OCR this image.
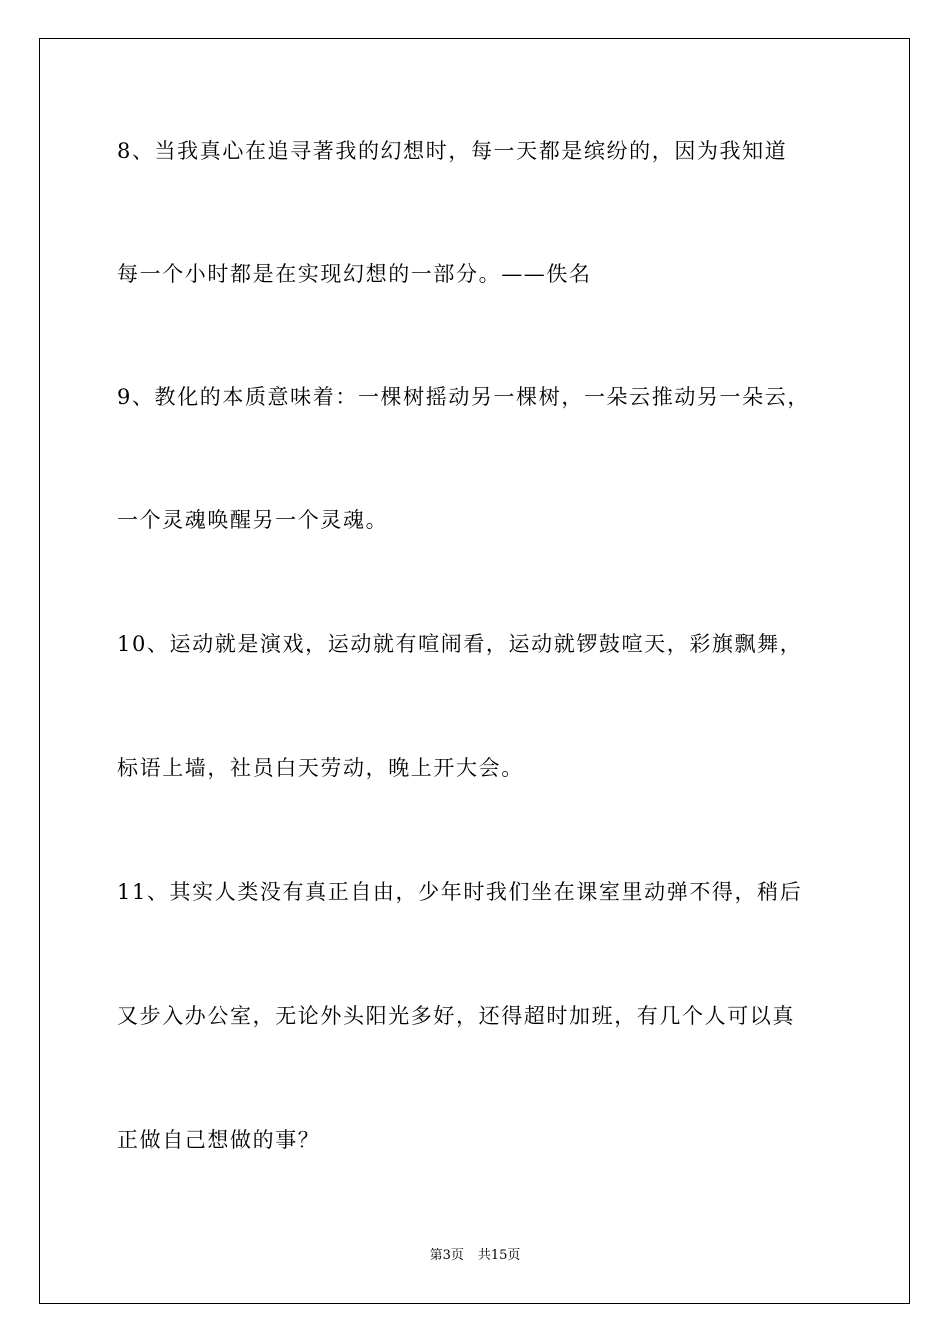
8、当我真心在追寻著我的幻想时，每一天都是缤纷的，因为我知道
每一个小时都是在实现幻想的一部分。——佚名
9、教化的本质意味着：一棵树摇动另一棵树，一朵云推动另一朵云，
一个灵魂唤醒另一个灵魂。
10、运动就是演戏，运动就有喧闹看，运动就锣鼓喧天，彩旗飘舞，
标语上墙，社员白天劳动，晚上开大会。
11、其实人类没有真正自由，少年时我们坐在课室里动弹不得，稍后
又步入办公室，无论外头阳光多好，还得超时加班，有几个人可以真
正做自己想做的事？
第3页 共15页
